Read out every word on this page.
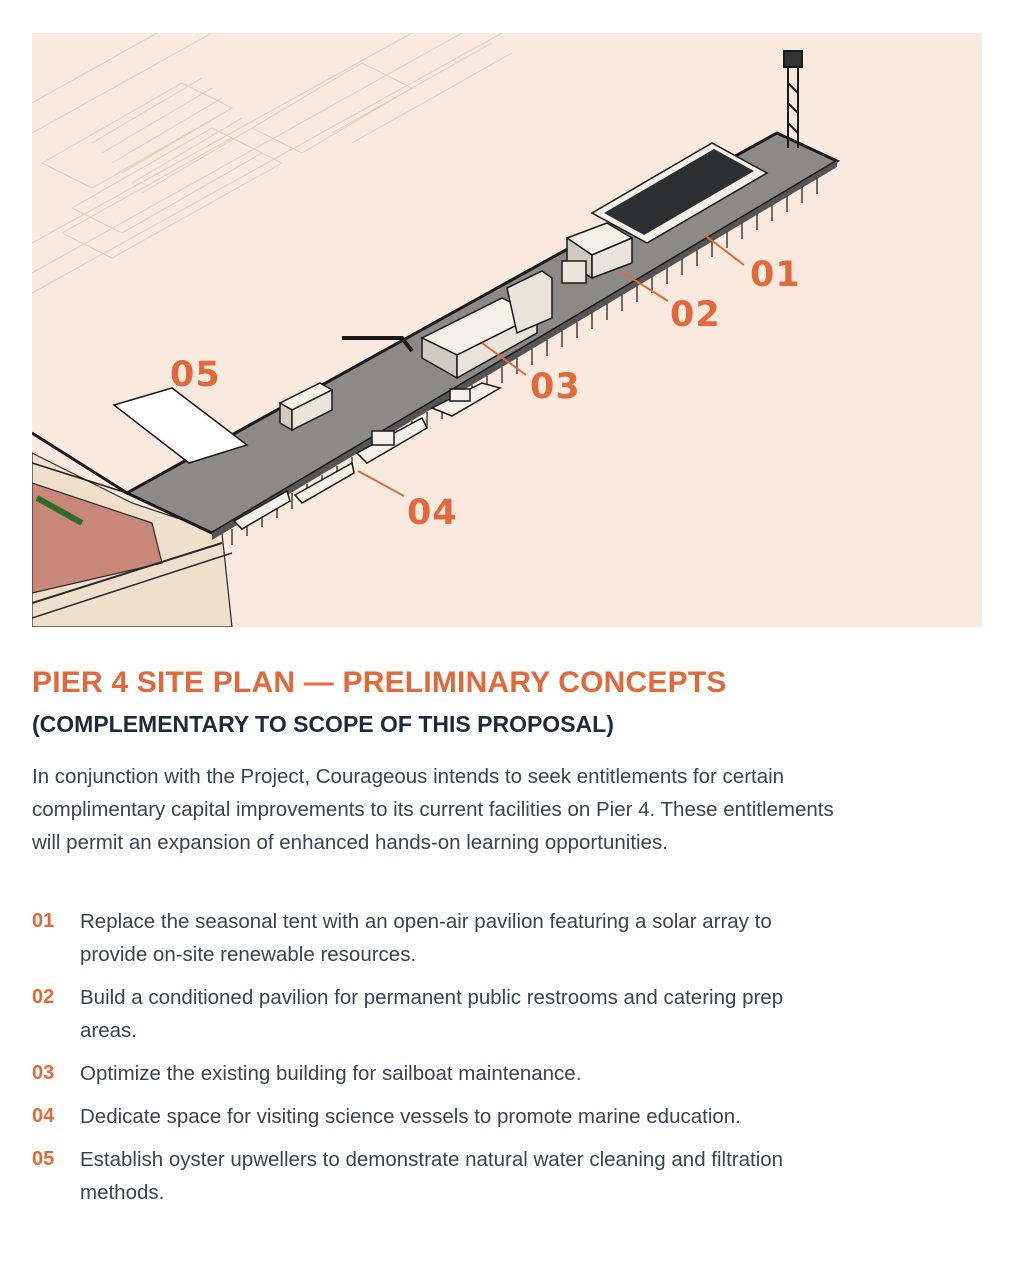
01
02
03
04
05
PIER 4 SITE PLAN — PRELIMINARY CONCEPTS
(COMPLEMENTARY TO SCOPE OF THIS PROPOSAL)

In conjunction with the Project, Courageous intends to seek entitlements for certain complimentary capital improvements to its current facilities on Pier 4. These entitlements will permit an expansion of enhanced hands-on learning opportunities.

01	Replace the seasonal tent with an open-air pavilion featuring a solar array to provide on-site renewable resources.
02	Build a conditioned pavilion for permanent public restrooms and catering prep areas.
03	Optimize the existing building for sailboat maintenance.
04	Dedicate space for visiting science vessels to promote marine education.
05	Establish oyster upwellers to demonstrate natural water cleaning and filtration methods.
